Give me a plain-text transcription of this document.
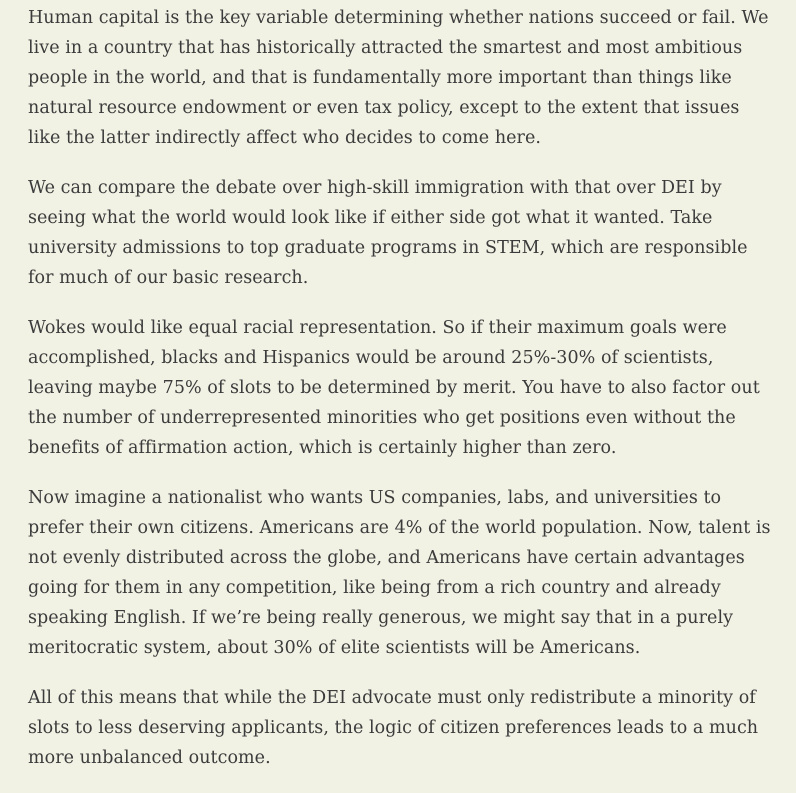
Human capital is the key variable determining whether nations succeed or fail. We live in a country that has historically attracted the smartest and most ambitious people in the world, and that is fundamentally more important than things like natural resource endowment or even tax policy, except to the extent that issues like the latter indirectly affect who decides to come here.

We can compare the debate over high-skill immigration with that over DEI by seeing what the world would look like if either side got what it wanted. Take university admissions to top graduate programs in STEM, which are responsible for much of our basic research.

Wokes would like equal racial representation. So if their maximum goals were accomplished, blacks and Hispanics would be around 25%-30% of scientists, leaving maybe 75% of slots to be determined by merit. You have to also factor out the number of underrepresented minorities who get positions even without the benefits of affirmation action, which is certainly higher than zero.

Now imagine a nationalist who wants US companies, labs, and universities to prefer their own citizens. Americans are 4% of the world population. Now, talent is not evenly distributed across the globe, and Americans have certain advantages going for them in any competition, like being from a rich country and already speaking English. If we’re being really generous, we might say that in a purely meritocratic system, about 30% of elite scientists will be Americans.

All of this means that while the DEI advocate must only redistribute a minority of slots to less deserving applicants, the logic of citizen preferences leads to a much more unbalanced outcome.
